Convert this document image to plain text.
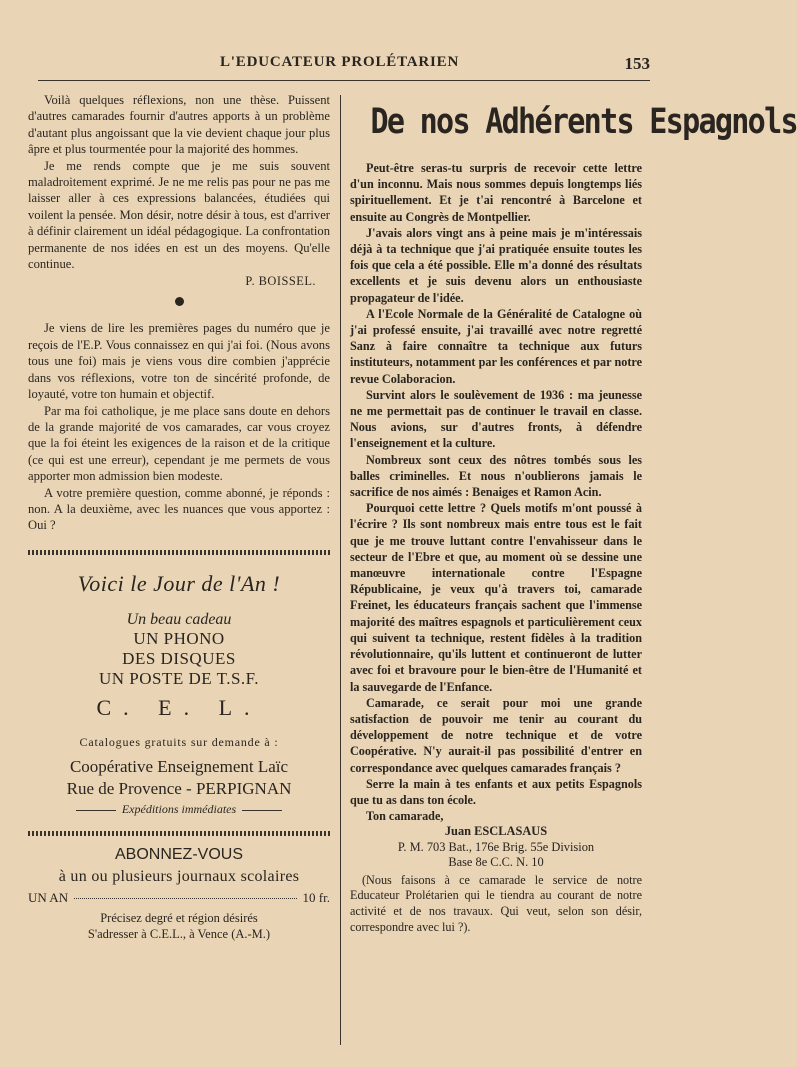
L'EDUCATEUR PROLÉTARIEN	153

Voilà quelques réflexions, non une thèse. Puissent d'autres camarades fournir d'autres apports à un problème d'autant plus angoissant que la vie devient chaque jour plus âpre et plus tourmentée pour la majorité des hommes.

Je me rends compte que je me suis souvent maladroitement exprimé. Je ne me relis pas pour ne pas me laisser aller à ces expressions balancées, étudiées qui voilent la pensée. Mon désir, notre désir à tous, est d'arriver à définir clairement un idéal pédagogique. La confrontation permanente de nos idées en est un des moyens. Qu'elle continue.

P. BOISSEL.

Je viens de lire les premières pages du numéro que je reçois de l'E.P. Vous connaissez en qui j'ai foi. (Nous avons tous une foi) mais je viens vous dire combien j'apprécie dans vos réflexions, votre ton de sincérité profonde, de loyauté, votre ton humain et objectif.

Par ma foi catholique, je me place sans doute en dehors de la grande majorité de vos camarades, car vous croyez que la foi éteint les exigences de la raison et de la critique (ce qui est une erreur), cependant je me permets de vous apporter mon admission bien modeste.

A votre première question, comme abonné, je réponds : non. A la deuxième, avec les nuances que vous apportez : Oui ?

Voici le Jour de l'An !
Un beau cadeau
UN PHONO
DES DISQUES
UN POSTE DE T.S.F.
C. E. L.
Catalogues gratuits sur demande à :
Coopérative Enseignement Laïc
Rue de Provence - PERPIGNAN
Expéditions immédiates
ABONNEZ-VOUS
à un ou plusieurs journaux scolaires
UN AN	10 fr.
Précisez degré et région désirés
S'adresser à C.E.L., à Vence (A.-M.)
De nos Adhérents Espagnols

Peut-être seras-tu surpris de recevoir cette lettre d'un inconnu. Mais nous sommes depuis longtemps liés spirituellement. Et je t'ai rencontré à Barcelone et ensuite au Congrès de Montpellier.

J'avais alors vingt ans à peine mais je m'intéressais déjà à ta technique que j'ai pratiquée ensuite toutes les fois que cela a été possible. Elle m'a donné des résultats excellents et je suis devenu alors un enthousiaste propagateur de l'idée.

A l'Ecole Normale de la Généralité de Catalogne où j'ai professé ensuite, j'ai travaillé avec notre regretté Sanz à faire connaître ta technique aux futurs instituteurs, notamment par les conférences et par notre revue Colaboracion.

Survint alors le soulèvement de 1936 : ma jeunesse ne me permettait pas de continuer le travail en classe. Nous avions, sur d'autres fronts, à défendre l'enseignement et la culture.

Nombreux sont ceux des nôtres tombés sous les balles criminelles. Et nous n'oublierons jamais le sacrifice de nos aimés : Benaiges et Ramon Acin.

Pourquoi cette lettre ? Quels motifs m'ont poussé à l'écrire ? Ils sont nombreux mais entre tous est le fait que je me trouve luttant contre l'envahisseur dans le secteur de l'Ebre et que, au moment où se dessine une manœuvre internationale contre l'Espagne Républicaine, je veux qu'à travers toi, camarade Freinet, les éducateurs français sachent que l'immense majorité des maîtres espagnols et particulièrement ceux qui suivent ta technique, restent fidèles à la tradition révolutionnaire, qu'ils luttent et continueront de lutter avec foi et bravoure pour le bien-être de l'Humanité et la sauvegarde de l'Enfance.

Camarade, ce serait pour moi une grande satisfaction de pouvoir me tenir au courant du développement de notre technique et de votre Coopérative. N'y aurait-il pas possibilité d'entrer en correspondance avec quelques camarades français ?

Serre la main à tes enfants et aux petits Espagnols que tu as dans ton école.

Ton camarade,

Juan ESCLASAUS
P. M. 703 Bat., 176e Brig. 55e Division
Base 8e C.C. N. 10
(Nous faisons à ce camarade le service de notre Educateur Prolétarien qui le tiendra au courant de notre activité et de nos travaux. Qui veut, selon son désir, correspondre avec lui ?).
